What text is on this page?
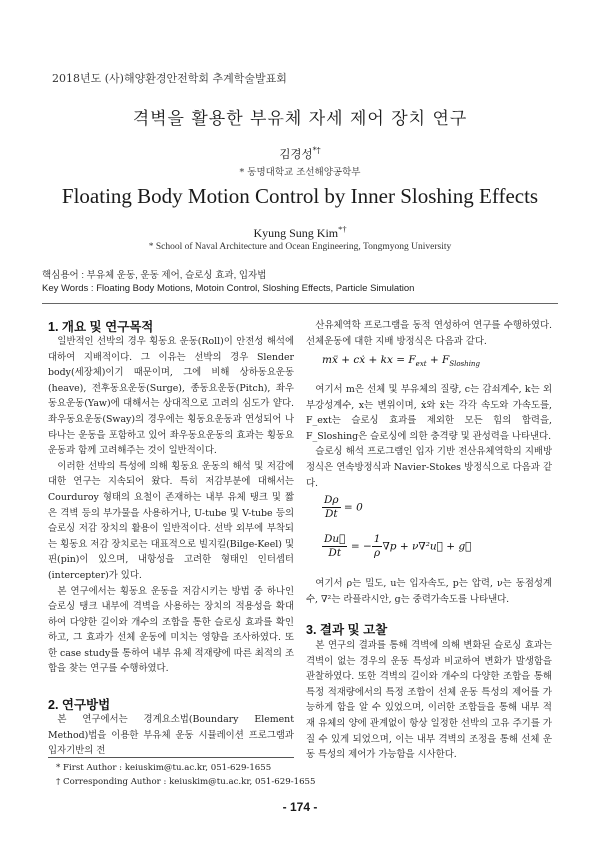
2018년도 (사)해양환경안전학회 추계학술발표회
격벽을 활용한 부유체 자세 제어 장치 연구
김경성*†
* 동명대학교 조선해양공학부
Floating Body Motion Control by Inner Sloshing Effects
Kyung Sung Kim*†
* School of Naval Architecture and Ocean Engineering, Tongmyong University
핵심용어 : 부유체 운동, 운동 제어, 슬로싱 효과, 입자법
Key Words : Floating Body Motions, Motoin Control, Sloshing Effects, Particle Simulation
1. 개요 및 연구목적

일반적인 선박의 경우 횡동요 운동(Roll)이 안전성 해석에 대하여 지배적이다. 그 이유는 선박의 경우 Slender body(세장체)이기 때문이며, 그에 비해 상하동요운동(heave), 전후동요운동(Surge), 종동요운동(Pitch), 좌우동요운동(Yaw)에 대해서는 상대적으로 고려의 심도가 얕다. 좌우동요운동(Sway)의 경우에는 횡동요운동과 연성되어 나타나는 운동을 포함하고 있어 좌우동요운동의 효과는 횡동요 운동과 함께 고려해주는 것이 일반적이다.

이러한 선박의 특성에 의해 횡동요 운동의 해석 및 저감에 대한 연구는 지속되어 왔다. 특히 저감부분에 대해서는 Courduroy 형태의 요철이 존재하는 내부 유체 탱크 및 짧은 격벽 등의 부가물을 사용하거나, U-tube 및 V-tube 등의 슬로싱 저감 장치의 활용이 일반적이다. 선박 외부에 부착되는 횡동요 저감 장치로는 대표적으로 빌지킬(Bilge-Keel) 및 핀(pin)이 있으며, 내항성을 고려한 형태인 인터셉터(intercepter)가 있다.

본 연구에서는 횡동요 운동을 저감시키는 방법 중 하나인 슬로싱 탱크 내부에 격벽을 사용하는 장치의 적용성을 확대하여 다양한 길이와 개수의 조합을 통한 슬로싱 효과를 확인하고, 그 효과가 선체 운동에 미치는 영향을 조사하였다. 또한 case study를 통하여 내부 유체 적재량에 따른 최적의 조합을 찾는 연구를 수행하였다.

2. 연구방법

본 연구에서는 경계요소법(Boundary Element Method)법을 이용한 부유체 운동 시뮬레이션 프로그램과 입자기반의 전

* First Author : keiuskim@tu.ac.kr, 051-629-1655
† Corresponding Author : keiuskim@tu.ac.kr, 051-629-1655

산유체역학 프로그램을 동적 연성하여 연구를 수행하였다. 선체운동에 대한 지배 방정식은 다음과 같다.

mẍ + cẋ + kx = $F_{ext} + F_{Sloshing}$

여기서 m은 선체 및 부유체의 질량, c는 감쇠계수, k는 외부강성계수, x는 변위이며, ẋ와 ẍ는 각각 속도와 가속도를, F_ext는 슬로싱 효과를 제외한 모든 힘의 합력을, F_Sloshing은 슬로싱에 의한 충격량 및 관성력을 나타낸다.

슬로싱 해석 프로그램인 입자 기반 전산유체역학의 지배방정식은 연속방정식과 Navier-Stokes 방정식으로 다음과 같다.

$\frac{D\rho}{Dt} = 0$
$\frac{Du⃗}{Dt}$ = − $\frac{1}{\rho} \nabla p$ + ν∇²u⃗ + g⃗

여기서 ρ는 밀도, u는 입자속도, p는 압력, ν는 동점성계수, ∇²는 라플라시안, g는 중력가속도를 나타낸다.

3. 결과 및 고찰

본 연구의 결과를 통해 격벽에 의해 변화된 슬로싱 효과는 격벽이 없는 경우의 운동 특성과 비교하여 변화가 발생함을 관찰하였다. 또한 격벽의 길이와 개수의 다양한 조합을 통해 특정 적재량에서의 특정 조합이 선체 운동 특성의 제어를 가능하게 함을 알 수 있었으며, 이러한 조합들을 통해 내부 적재 유체의 양에 관계없이 항상 일정한 선박의 고유 주기를 가질 수 있게 되었으며, 이는 내부 격벽의 조정을 통해 선체 운동 특성의 제어가 가능함을 시사한다.

- 174 -
